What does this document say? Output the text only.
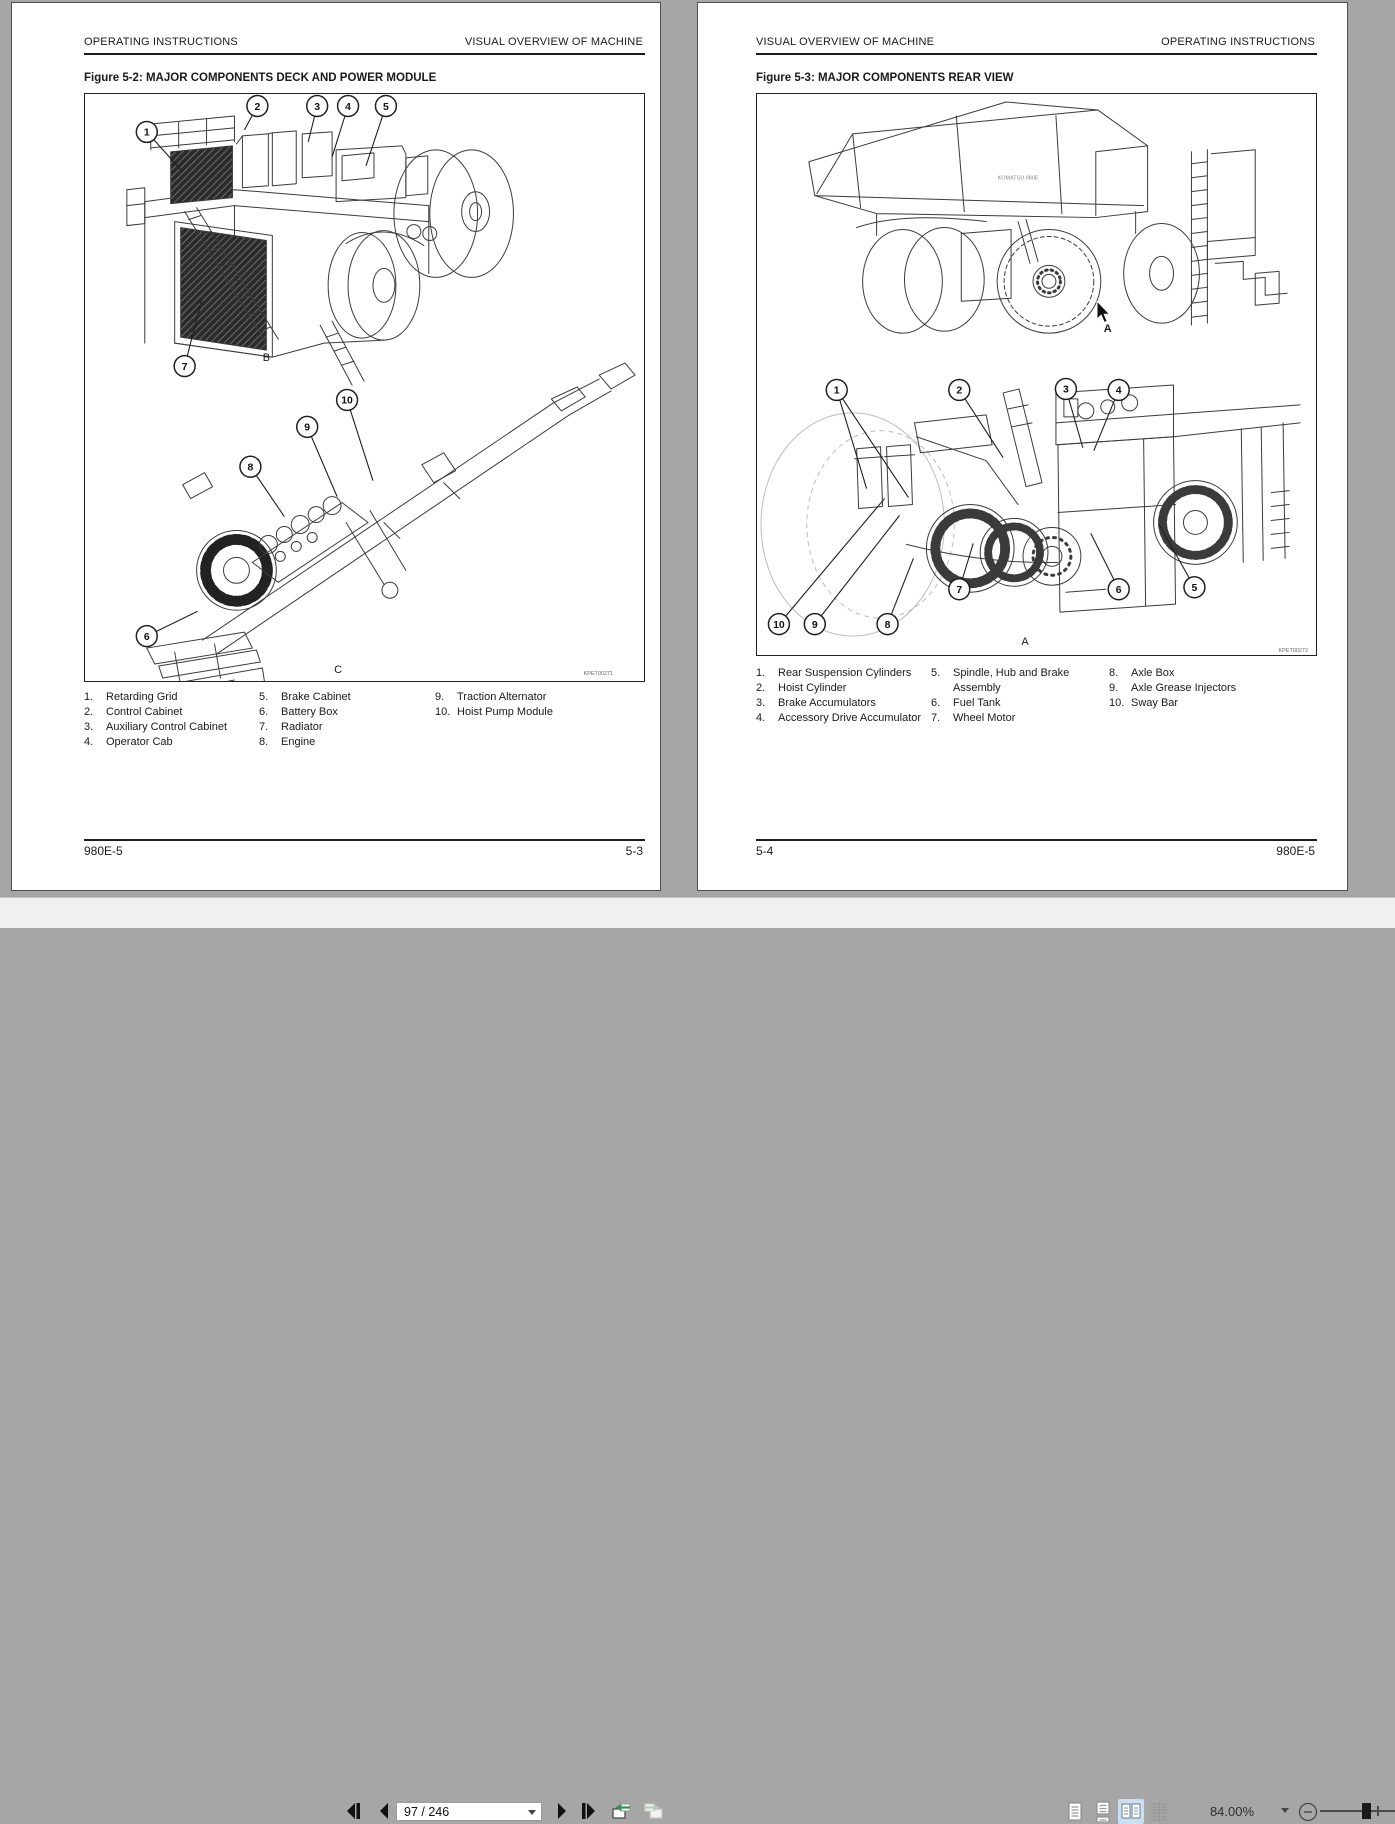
OPERATING INSTRUCTIONS	VISUAL OVERVIEW OF MACHINE
Figure 5-2: MAJOR COMPONENTS DECK AND POWER MODULE
1
2	3 4	5
7
8
9
10
6
B
C	KPET00271
1.	Retarding Grid
2.	Control Cabinet
3.	Auxiliary Control Cabinet
4.	Operator Cab
5.	Brake Cabinet
6.	Battery Box
7.	Radiator
8.	Engine
9.	Traction Alternator
10. Hoist Pump Module
980E-5	5-3
VISUAL OVERVIEW OF MACHINE	OPERATING INSTRUCTIONS
Figure 5-3: MAJOR COMPONENTS REAR VIEW
1	2	3	4
5
6
7
8
9
10
KOMATSU 980E
A
A
KPET00272
1.	Rear Suspension Cylinders
2.	Hoist Cylinder
3.	Brake Accumulators
4.	Accessory Drive Accumulator
5.	Spindle, Hub and Brake Assembly
6.	Fuel Tank
7.	Wheel Motor
8.	Axle Box
9.	Axle Grease Injectors
10. Sway Bar
5-4	980E-5
97 / 246
84.00%
